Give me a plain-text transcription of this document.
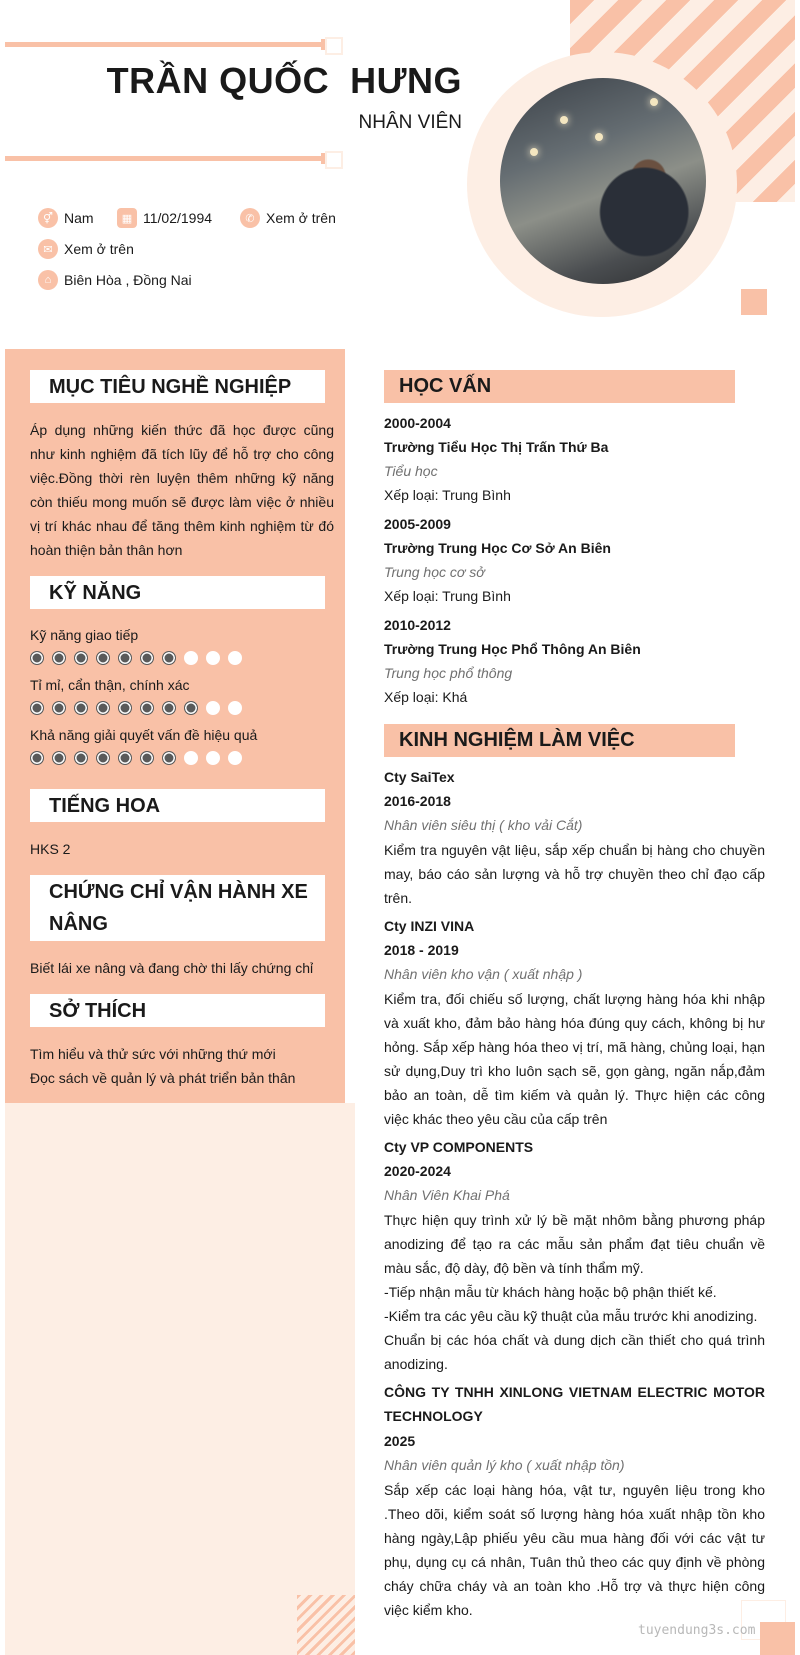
TRẦN QUỐC  HƯNG
NHÂN VIÊN
⚥ Nam	▦ 11/02/1994	✆ Xem ở trên
✉ Xem ở trên
⌂ Biên Hòa , Đồng Nai
MỤC TIÊU NGHỀ NGHIỆP
Áp dụng những kiến thức đã học được cũng như kinh nghiệm đã tích lũy để hỗ trợ cho công việc.Đồng thời rèn luyện thêm những kỹ năng còn thiếu mong muốn sẽ được làm việc ở nhiều vị trí khác nhau để tăng thêm kinh nghiệm từ đó hoàn thiện bản thân hơn
KỸ NĂNG
Kỹ năng giao tiếp
Tỉ mỉ, cẩn thận, chính xác
Khả năng giải quyết vấn đề hiệu quả
TIẾNG HOA
HKS 2
CHỨNG CHỈ VẬN HÀNH XE
NÂNG
Biết lái xe nâng và đang chờ thi lấy chứng chỉ
SỞ THÍCH
Tìm hiểu và thử sức với những thứ mới
Đọc sách về quản lý và phát triển bản thân
HỌC VẤN
2000-2004
Trường Tiểu Học Thị Trấn Thứ Ba
Tiểu học
Xếp loại: Trung Bình
2005-2009
Trường Trung Học Cơ Sở An Biên
Trung học cơ sở
Xếp loại: Trung Bình
2010-2012
Trường Trung Học Phổ Thông An Biên
Trung học phổ thông
Xếp loại: Khá
KINH NGHIỆM LÀM VIỆC
Cty SaiTex
2016-2018
Nhân viên siêu thị ( kho vải Cắt)
Kiểm tra nguyên vật liệu, sắp xếp chuẩn bị hàng cho chuyền may, báo cáo sản lượng và hỗ trợ chuyền theo chỉ đạo cấp trên.
Cty INZI VINA
2018 - 2019
Nhân viên kho vận ( xuất nhập )
Kiểm tra, đối chiếu số lượng, chất lượng hàng hóa khi nhập và xuất kho, đảm bảo hàng hóa đúng quy cách, không bị hư hỏng. Sắp xếp hàng hóa theo vị trí, mã hàng, chủng loại, hạn sử dụng,Duy trì kho luôn sạch sẽ, gọn gàng, ngăn nắp,đảm bảo an toàn, dễ tìm kiếm và quản lý. Thực hiện các công việc khác theo yêu cầu của cấp trên
Cty VP COMPONENTS
2020-2024
Nhân Viên Khai Phá
Thực hiện quy trình xử lý bề mặt nhôm bằng phương pháp anodizing để tạo ra các mẫu sản phẩm đạt tiêu chuẩn về màu sắc, độ dày, độ bền và tính thẩm mỹ.
-Tiếp nhận mẫu từ khách hàng hoặc bộ phận thiết kế.
-Kiểm tra các yêu cầu kỹ thuật của mẫu trước khi anodizing.
Chuẩn bị các hóa chất và dung dịch cần thiết cho quá trình anodizing.
CÔNG TY TNHH XINLONG VIETNAM ELECTRIC MOTOR TECHNOLOGY
2025
Nhân viên quản lý kho ( xuất nhập tồn)
Sắp xếp các loại hàng hóa, vật tư, nguyên liệu trong kho .Theo dõi, kiểm soát số lượng hàng hóa xuất nhập tồn kho hàng ngày,Lập phiếu yêu cầu mua hàng đối với các vật tư phụ, dụng cụ cá nhân, Tuân thủ theo các quy định về phòng cháy chữa cháy và an toàn kho .Hỗ trợ và thực hiện công việc kiểm kho.
tuyendung3s.com
